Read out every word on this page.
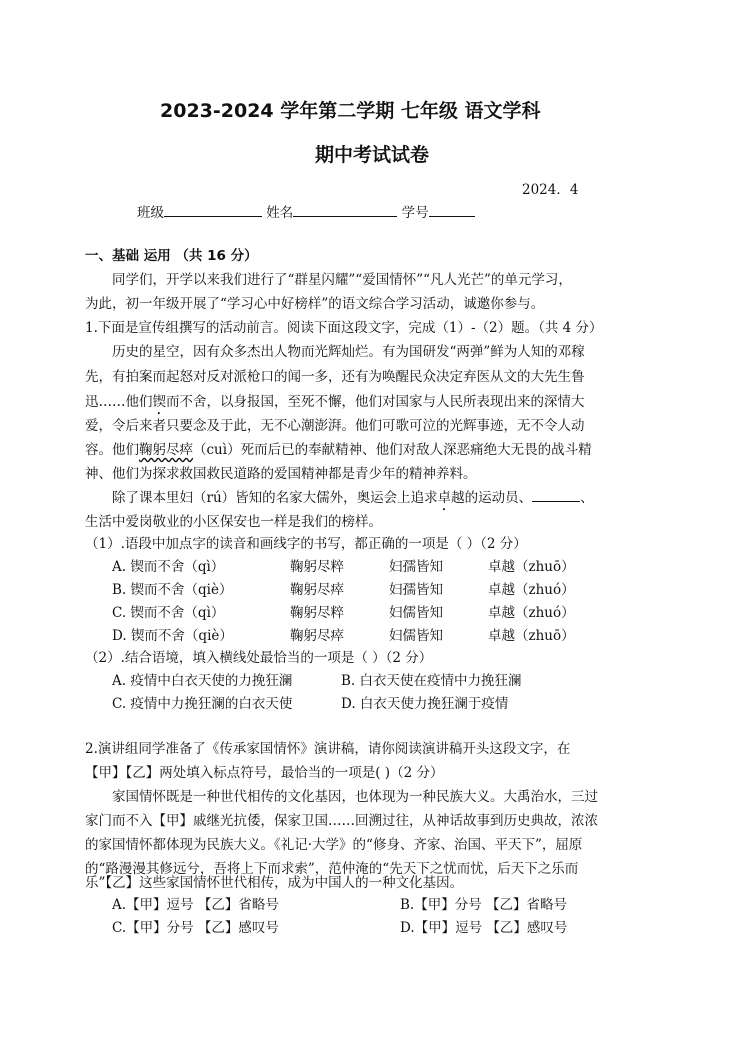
2023-2024 学年第二学期 七年级 语文学科
期中考试试卷
2024．4
班级	姓名	学号
一、基础 运用 （共 16 分）
同学们，开学以来我们进行了“群星闪耀”“爱国情怀”“凡人光芒”的单元学习，
为此，初一年级开展了“学习心中好榜样”的语文综合学习活动，诚邀你参与。
1.下面是宣传组撰写的活动前言。阅读下面这段文字，完成（1）-（2）题。（共 4 分）
历史的星空，因有众多杰出人物而光辉灿烂。有为国研发“两弹”鲜为人知的邓稼
先，有拍案而起怒对反对派枪口的闻一多，还有为唤醒民众决定弃医从文的大先生鲁
迅……他们锲而不舍，以身报国，至死不懈，他们对国家与人民所表现出来的深情大
爱，令后来者只要念及于此，无不心潮澎湃。他们可歌可泣的光辉事迹，无不令人动
容。他们鞠躬尽瘁（cuì）死而后已的奉献精神、他们对敌人深恶痛绝大无畏的战斗精
神、他们为探求救国救民道路的爱国精神都是青少年的精神养料。
除了课本里妇（rú）皆知的名家大儒外，奥运会上追求卓越的运动员、	、
生活中爱岗敬业的小区保安也一样是我们的榜样。
（1）.语段中加点字的读音和画线字的书写，都正确的一项是（ ）（2 分）
A. 锲而不舍（qì）	鞠躬尽粹	妇孺皆知	卓越（zhuō）
B. 锲而不舍（qiè）	鞠躬尽瘁	妇孺皆知	卓越（zhuó）
C. 锲而不舍（qì）	鞠躬尽粹	妇儒皆知	卓越（zhuó）
D. 锲而不舍（qiè）	鞠躬尽瘁	妇儒皆知	卓越（zhuō）
（2）.结合语境，填入横线处最恰当的一项是（ ）（2 分）
A. 疫情中白衣天使的力挽狂澜	B. 白衣天使在疫情中力挽狂澜
C. 疫情中力挽狂澜的白衣天使	D. 白衣天使力挽狂澜于疫情
2.演讲组同学准备了《传承家国情怀》演讲稿，请你阅读演讲稿开头这段文字，在
【甲】【乙】两处填入标点符号，最恰当的一项是( )（2 分）
家国情怀既是一种世代相传的文化基因，也体现为一种民族大义。大禹治水，三过
家门而不入【甲】戚继光抗倭，保家卫国……回溯过往，从神话故事到历史典故，浓浓
的家国情怀都体现为民族大义。《礼记·大学》的“修身、齐家、治国、平天下”，屈原
的“路漫漫其修远兮，吾将上下而求索”，范仲淹的“先天下之忧而忧，后天下之乐而
乐”【乙】这些家国情怀世代相传，成为中国人的一种文化基因。
A.【甲】逗号 【乙】省略号	B.【甲】分号 【乙】省略号
C.【甲】分号 【乙】感叹号	D.【甲】逗号 【乙】感叹号
